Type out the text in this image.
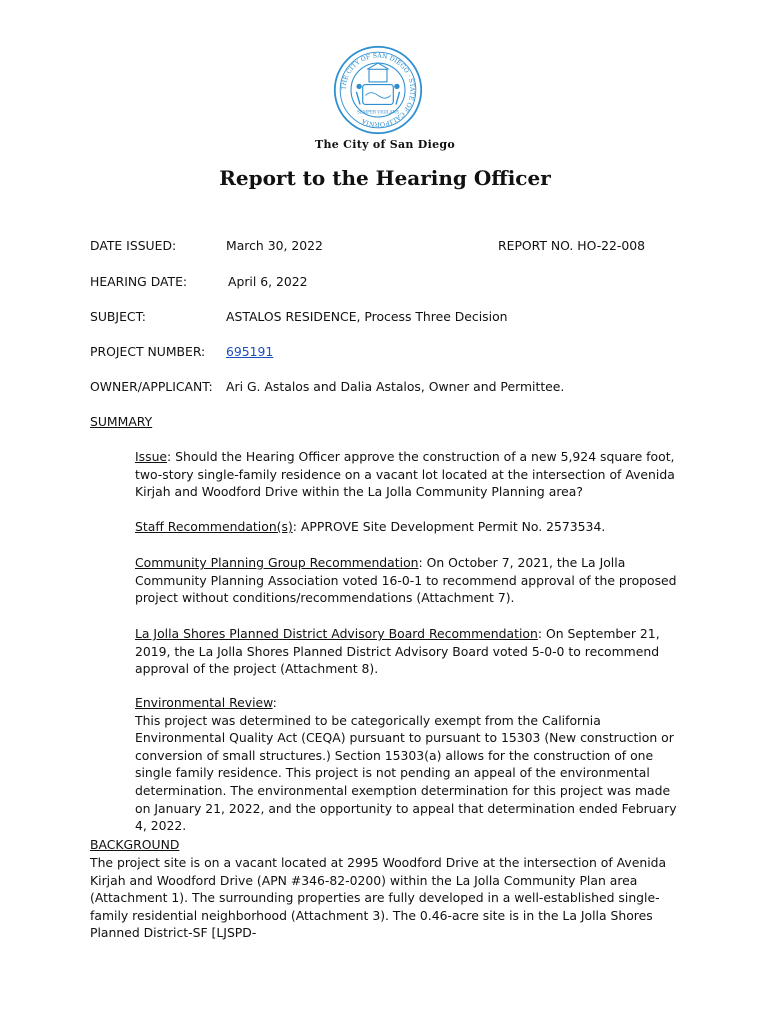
THE CITY OF SAN DIEGO · STATE OF CALIFORNIA
SEMPER VIGILANS
The City of San Diego
Report to the Hearing Officer
DATE ISSUED:	March 30, 2022	REPORT NO. HO-22-008
HEARING DATE:	April 6, 2022
SUBJECT:	ASTALOS RESIDENCE, Process Three Decision
PROJECT NUMBER: 695191
OWNER/APPLICANT: Ari G. Astalos and Dalia Astalos, Owner and Permittee.
SUMMARY
Issue: Should the Hearing Officer approve the construction of a new 5,924 square foot, two-story single-family residence on a vacant lot located at the intersection of Avenida Kirjah and Woodford Drive within the La Jolla Community Planning area?
Staff Recommendation(s): APPROVE Site Development Permit No. 2573534.
Community Planning Group Recommendation: On October 7, 2021, the La Jolla Community Planning Association voted 16-0-1 to recommend approval of the proposed project without conditions/recommendations (Attachment 7).
La Jolla Shores Planned District Advisory Board Recommendation: On September 21, 2019, the La Jolla Shores Planned District Advisory Board voted 5-0-0 to recommend approval of the project (Attachment 8).
Environmental Review:
This project was determined to be categorically exempt from the California Environmental Quality Act (CEQA) pursuant to pursuant to 15303 (New construction or conversion of small structures.) Section 15303(a) allows for the construction of one single family residence. This project is not pending an appeal of the environmental determination. The environmental exemption determination for this project was made on January 21, 2022, and the opportunity to appeal that determination ended February 4, 2022.
BACKGROUND
The project site is on a vacant located at 2995 Woodford Drive at the intersection of Avenida Kirjah and Woodford Drive (APN #346-82-0200) within the La Jolla Community Plan area (Attachment 1). The surrounding properties are fully developed in a well-established single-family residential neighborhood (Attachment 3). The 0.46-acre site is in the La Jolla Shores Planned District-SF [LJSPD-
